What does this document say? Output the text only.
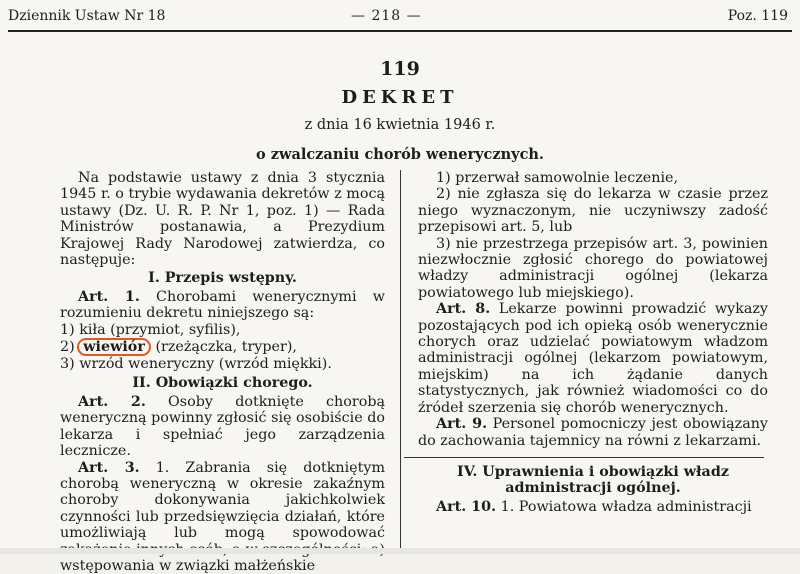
Dziennik Ustaw Nr 18	— 218 —	Poz. 119
119
DEKRET
z dnia 16 kwietnia 1946 r.
o zwalczaniu chorób wenerycznych.

Na podstawie ustawy z dnia 3 stycznia 1945 r. o trybie wydawania dekretów z mocą ustawy (Dz. U. R. P. Nr 1, poz. 1) — Rada Ministrów postanawia, a Prezydium Krajowej Rady Narodowej zatwierdza, co następuje:

I. Przepis wstępny.

Art. 1. Chorobami wenerycznymi w rozumieniu dekretu niniejszego są:

1) kiła (przymiot, syfilis),

2) wiewiór (rzeżączka, tryper),

3) wrzód weneryczny (wrzód miękki).

II. Obowiązki chorego.

Art. 2. Osoby dotknięte chorobą weneryczną powinny zgłosić się osobiście do lekarza i spełniać jego zarządzenia lecznicze.

Art. 3. 1. Zabrania się dotkniętym chorobą weneryczną w okresie zakaźnym choroby dokonywania jakichkolwiek czynności lub przedsięwzięcia działań, które umożliwiają lub mogą spowodować wstępowania w związki małżeńskie

1) przerwał samowolnie leczenie,

2) nie zgłasza się do lekarza w czasie przez niego wyznaczonym, nie uczyniwszy zadość przepisowi art. 5, lub

3) nie przestrzega przepisów art. 3, powinien niezwłocznie zgłosić chorego do powiatowej władzy administracji ogólnej (lekarza powiatowego lub miejskiego).

Art. 8. Lekarze powinni prowadzić wykazy pozostających pod ich opieką osób wenerycznie chorych oraz udzielać powiatowym władzom administracji ogólnej (lekarzom powiatowym, miejskim) na ich żądanie danych statystycznych, jak również wiadomości co do źródeł szerzenia się chorób wenerycznych.

Art. 9. Personel pomocniczy jest obowiązany do zachowania tajemnicy na równi z lekarzami.

IV. Uprawnienia i obowiązki władz administracji ogólnej.

Art. 10. 1. Powiatowa władza administracji
